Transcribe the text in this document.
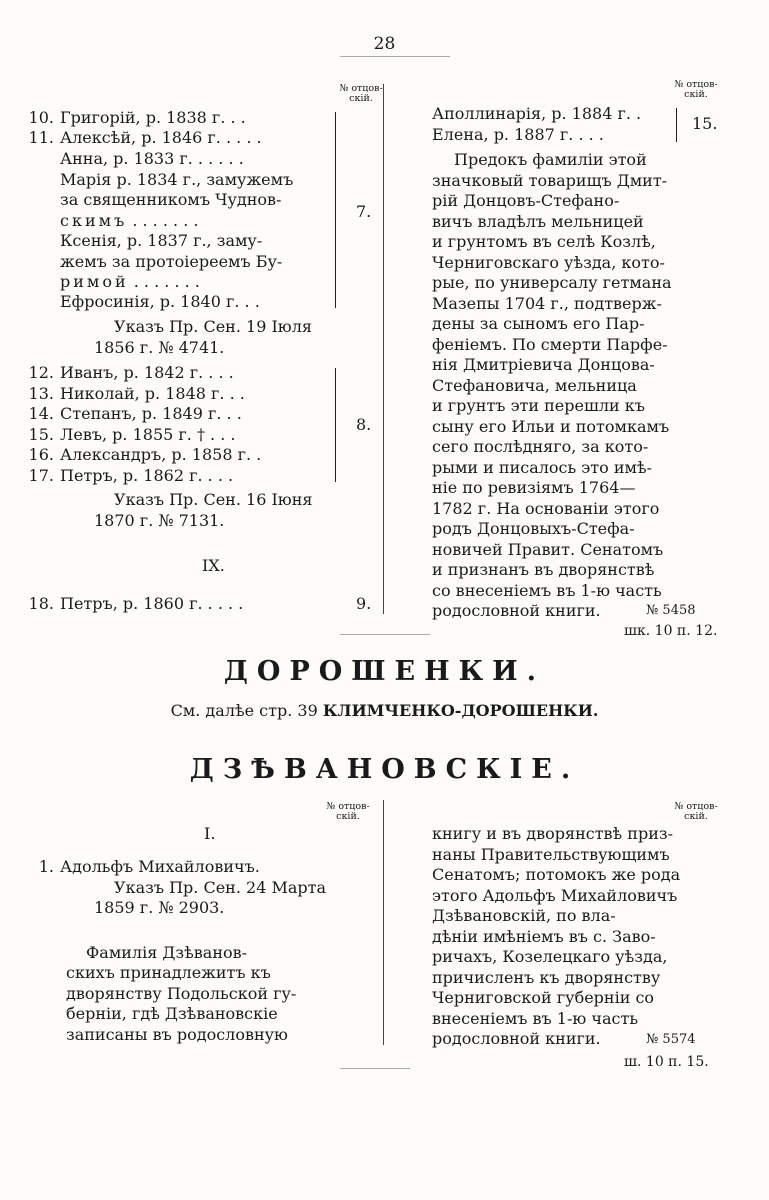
28
№ отцов-
скій.
№ отцов-
скій.
10. Григорій, р. 1838 г. . .
11. Алексѣй, р. 1846 г. . . . .
Анна, р. 1833 г. . . . . .
Марія р. 1834 г., замужемъ
за священникомъ Чуднов-
скимъ . . . . . . .
Ксенія, р. 1837 г., заму-
жемъ за протоіереемъ Бу-
римой . . . . . . .
Ефросинія, р. 1840 г. . .
7.
Указъ Пр. Сен. 19 Іюля
1856 г. № 4741.
12. Иванъ, р. 1842 г. . . .
13. Николай, р. 1848 г. . .
14. Степанъ, р. 1849 г. . .
15. Левъ, р. 1855 г. † . . .
16. Александръ, р. 1858 г. .
17. Петръ, р. 1862 г. . . .
8.
Указъ Пр. Сен. 16 Іюня
1870 г. № 7131.
IX.
18. Петръ, р. 1860 г. . . . .	9.
Аполлинарія, р. 1884 г. .
Елена, р. 1887 г. . . .
15.
Предокъ фамиліи этой
значковый товарищъ Дмит-
рій Донцовъ-Стефано-
вичъ владѣлъ мельницей
и грунтомъ въ селѣ Козлѣ,
Черниговскаго уѣзда, кото-
рые, по универсалу гетмана
Мазепы 1704 г., подтверж-
дены за сыномъ его Пар-
феніемъ. По смерти Парфе-
нія Дмитріевича Донцова-
Стефановича, мельница
и грунтъ эти перешли къ
сыну его Ильи и потомкамъ
сего послѣдняго, за кото-
рыми и писалось это имѣ-
ніе по ревизіямъ 1764—
1782 г. На основаніи этого
родъ Донцовыхъ-Стефа-
новичей Правит. Сенатомъ
и признанъ въ дворянствѣ
со внесеніемъ въ 1-ю часть
родословной книги.	№ 5458
шк. 10 п. 12.
ДОРОШЕНКИ.
См. далѣе стр. 39 КЛИМЧЕНКО-ДОРОШЕНКИ.
ДЗѢВАНОВСКІЕ.
№ отцов-
скій.
№ отцов-
скій.
I.
1. Адольфъ Михайловичъ.
Указъ Пр. Сен. 24 Марта
1859 г. № 2903.
Фамилія Дзѣванов-
скихъ принадлежитъ къ
дворянству Подольской гу-
берніи, гдѣ Дзѣвановскіе
записаны въ родословную
книгу и въ дворянствѣ приз-
наны Правительствующимъ
Сенатомъ; потомокъ же рода
этого Адольфъ Михайловичъ
Дзѣвановскій, по вла-
дѣніи имѣніемъ въ с. Заво-
ричахъ, Козелецкаго уѣзда,
причисленъ къ дворянству
Черниговской губерніи со
внесеніемъ въ 1-ю часть
родословной книги.	№ 5574
ш. 10 п. 15.
